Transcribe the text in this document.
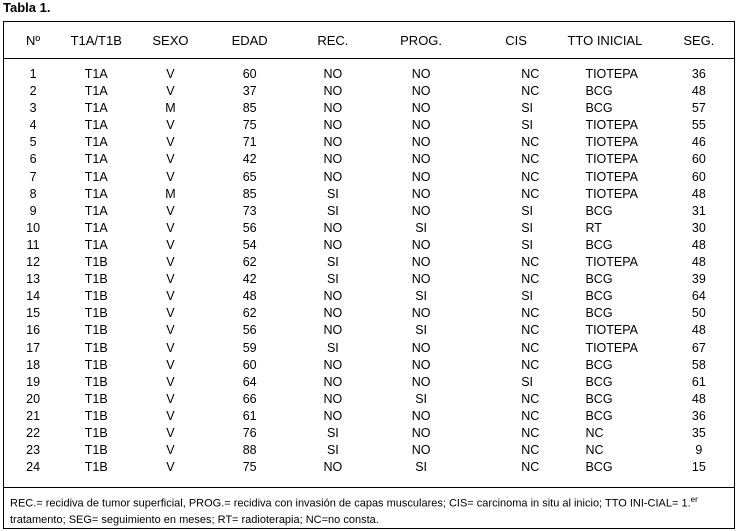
Tabla 1.
Nº	T1A/T1B	SEXO	EDAD	REC.	PROG.	CIS	TTO INICIAL	SEG.
1	T1A	V	60	NO	NO	NC	TIOTEPA	36
2	T1A	V	37	NO	NO	NC	BCG	48
3	T1A	M	85	NO	NO	SI	BCG	57
4	T1A	V	75	NO	NO	SI	TIOTEPA	55
5	T1A	V	71	NO	NO	NC	TIOTEPA	46
6	T1A	V	42	NO	NO	NC	TIOTEPA	60
7	T1A	V	65	NO	NO	NC	TIOTEPA	60
8	T1A	M	85	SI	NO	NC	TIOTEPA	48
9	T1A	V	73	SI	NO	SI	BCG	31
10	T1A	V	56	NO	SI	SI	RT	30
11	T1A	V	54	NO	NO	SI	BCG	48
12	T1B	V	62	SI	NO	NC	TIOTEPA	48
13	T1B	V	42	SI	NO	NC	BCG	39
14	T1B	V	48	NO	SI	SI	BCG	64
15	T1B	V	62	NO	NO	NC	BCG	50
16	T1B	V	56	NO	SI	NC	TIOTEPA	48
17	T1B	V	59	SI	NO	NC	TIOTEPA	67
18	T1B	V	60	NO	NO	NC	BCG	58
19	T1B	V	64	NO	NO	SI	BCG	61
20	T1B	V	66	NO	SI	NC	BCG	48
21	T1B	V	61	NO	NO	NC	BCG	36
22	T1B	V	76	SI	NO	NC	NC	35
23	T1B	V	88	SI	NO	NC	NC	9
24	T1B	V	75	NO	SI	NC	BCG	15
REC.= recidiva de tumor superficial, PROG.= recidiva con invasión de capas musculares; CIS= carcinoma in situ al inicio; TTO INI-CIAL= 1.$^{er}$ tratamento; SEG= seguimiento en meses; RT= radioterapia; NC=no consta.
